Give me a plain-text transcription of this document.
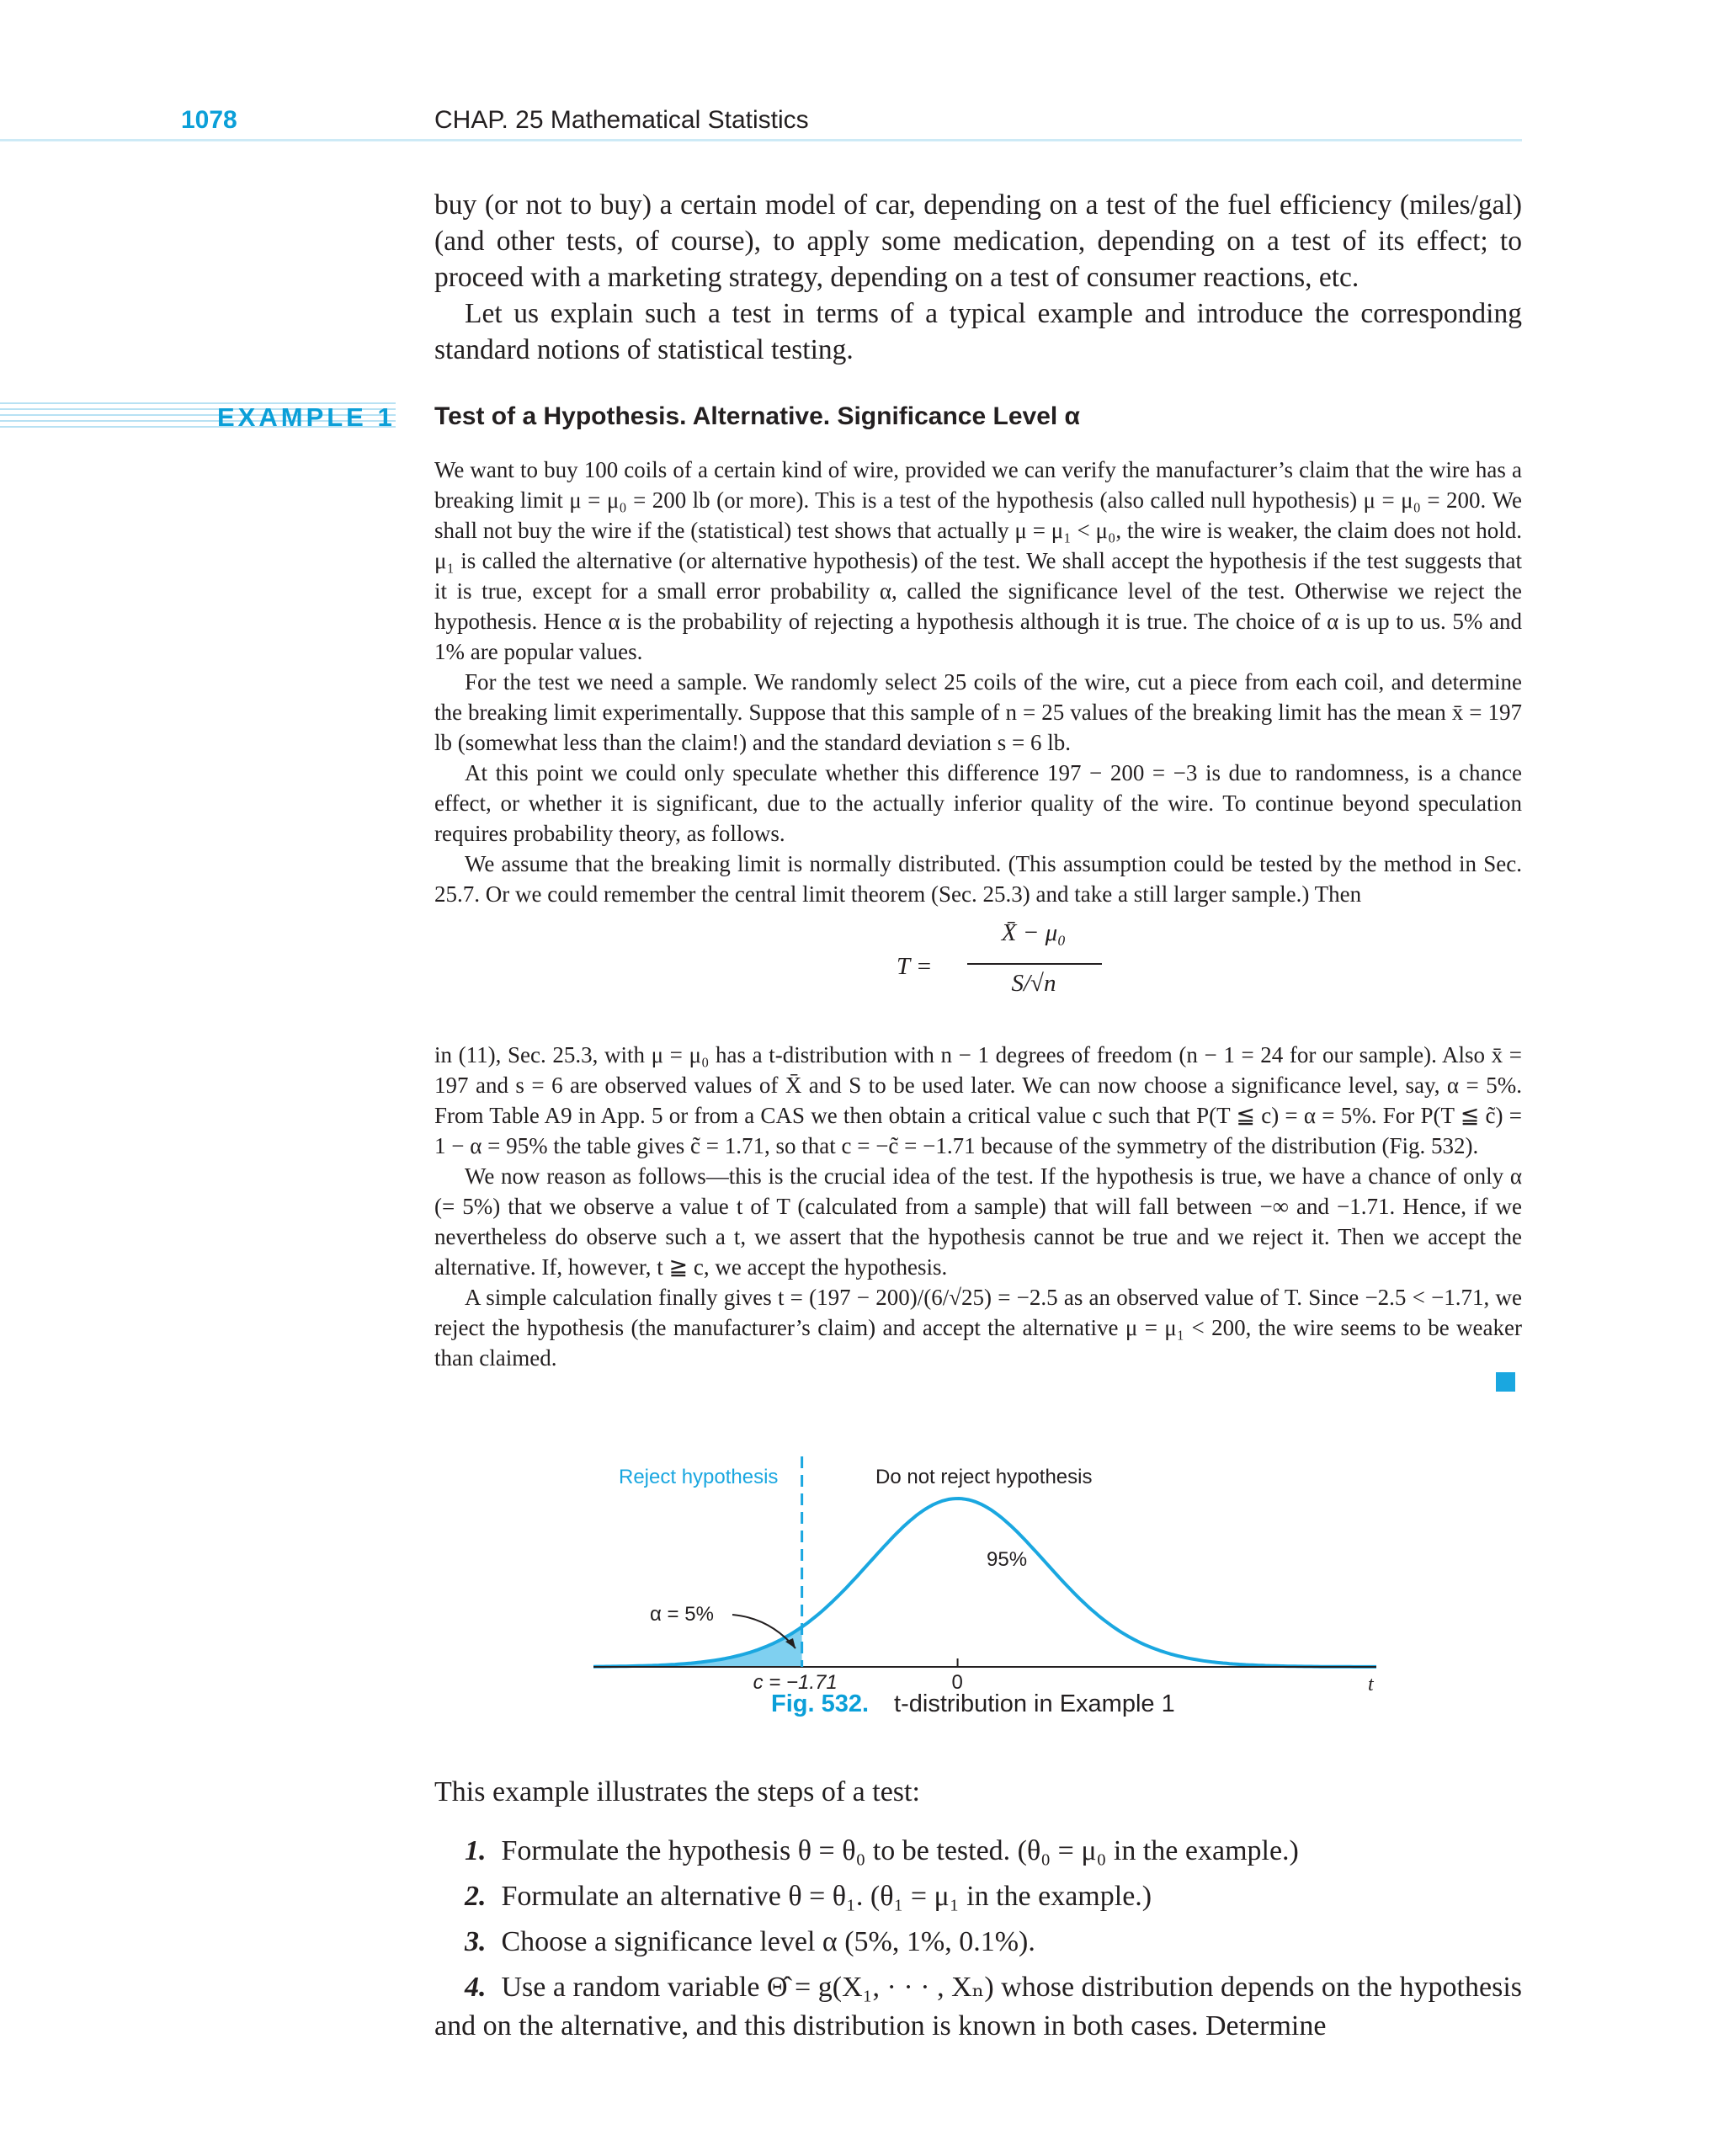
1078	CHAP. 25 Mathematical Statistics

buy (or not to buy) a certain model of car, depending on a test of the fuel efficiency (miles/gal) (and other tests, of course), to apply some medication, depending on a test of its effect; to proceed with a marketing strategy, depending on a test of consumer reactions, etc.

Let us explain such a test in terms of a typical example and introduce the corresponding standard notions of statistical testing.

EXAMPLE 1 Test of a Hypothesis. Alternative. Significance Level α

We want to buy 100 coils of a certain kind of wire, provided we can verify the manufacturer’s claim that the wire has a breaking limit μ = μ₀ = 200 lb (or more). This is a test of the hypothesis (also called null hypothesis) μ = μ₀ = 200. We shall not buy the wire if the (statistical) test shows that actually μ = μ₁ < μ₀, the wire is weaker, the claim does not hold. μ₁ is called the alternative (or alternative hypothesis) of the test. We shall accept the hypothesis if the test suggests that it is true, except for a small error probability α, called the significance level of the test. Otherwise we reject the hypothesis. Hence α is the probability of rejecting a hypothesis although it is true. The choice of α is up to us. 5% and 1% are popular values.

For the test we need a sample. We randomly select 25 coils of the wire, cut a piece from each coil, and determine the breaking limit experimentally. Suppose that this sample of n = 25 values of the breaking limit has the mean x̄ = 197 lb (somewhat less than the claim!) and the standard deviation s = 6 lb.

At this point we could only speculate whether this difference 197 − 200 = −3 is due to randomness, is a chance effect, or whether it is significant, due to the actually inferior quality of the wire. To continue beyond speculation requires probability theory, as follows.

We assume that the breaking limit is normally distributed. (This assumption could be tested by the method in Sec. 25.7. Or we could remember the central limit theorem (Sec. 25.3) and take a still larger sample.) Then

T =
X̄ − μ₀
S/√n

in (11), Sec. 25.3, with μ = μ₀ has a t-distribution with n − 1 degrees of freedom (n − 1 = 24 for our sample). Also x̄ = 197 and s = 6 are observed values of X̄ and S to be used later. We can now choose a significance level, say, α = 5%. From Table A9 in App. 5 or from a CAS we then obtain a critical value c such that P(T ≦ c) = α = 5%. For P(T ≦ c̃) = 1 − α = 95% the table gives c̃ = 1.71, so that c = −c̃ = −1.71 because of the symmetry of the distribution (Fig. 532).

We now reason as follows—this is the crucial idea of the test. If the hypothesis is true, we have a chance of only α (= 5%) that we observe a value t of T (calculated from a sample) that will fall between −∞ and −1.71. Hence, if we nevertheless do observe such a t, we assert that the hypothesis cannot be true and we reject it. Then we accept the alternative. If, however, t ≧ c, we accept the hypothesis.

A simple calculation finally gives t = (197 − 200)/(6/√25) = −2.5 as an observed value of T. Since −2.5 < −1.71, we reject the hypothesis (the manufacturer’s claim) and accept the alternative μ = μ₁ < 200, the wire seems to be weaker than claimed.

Reject hypothesis	Do not reject hypothesis
95%
α = 5%
c = −1.71	0	t
Fig. 532. t-distribution in Example 1
This example illustrates the steps of a test:
1. Formulate the hypothesis θ = θ₀ to be tested. (θ₀ = μ₀ in the example.)
2. Formulate an alternative θ = θ₁. (θ₁ = μ₁ in the example.)
3. Choose a significance level α (5%, 1%, 0.1%).
4. Use a random variable Θ̂ = g(X₁, · · · , Xₙ) whose distribution depends on the hypothesis and on the alternative, and this distribution is known in both cases. Determine
